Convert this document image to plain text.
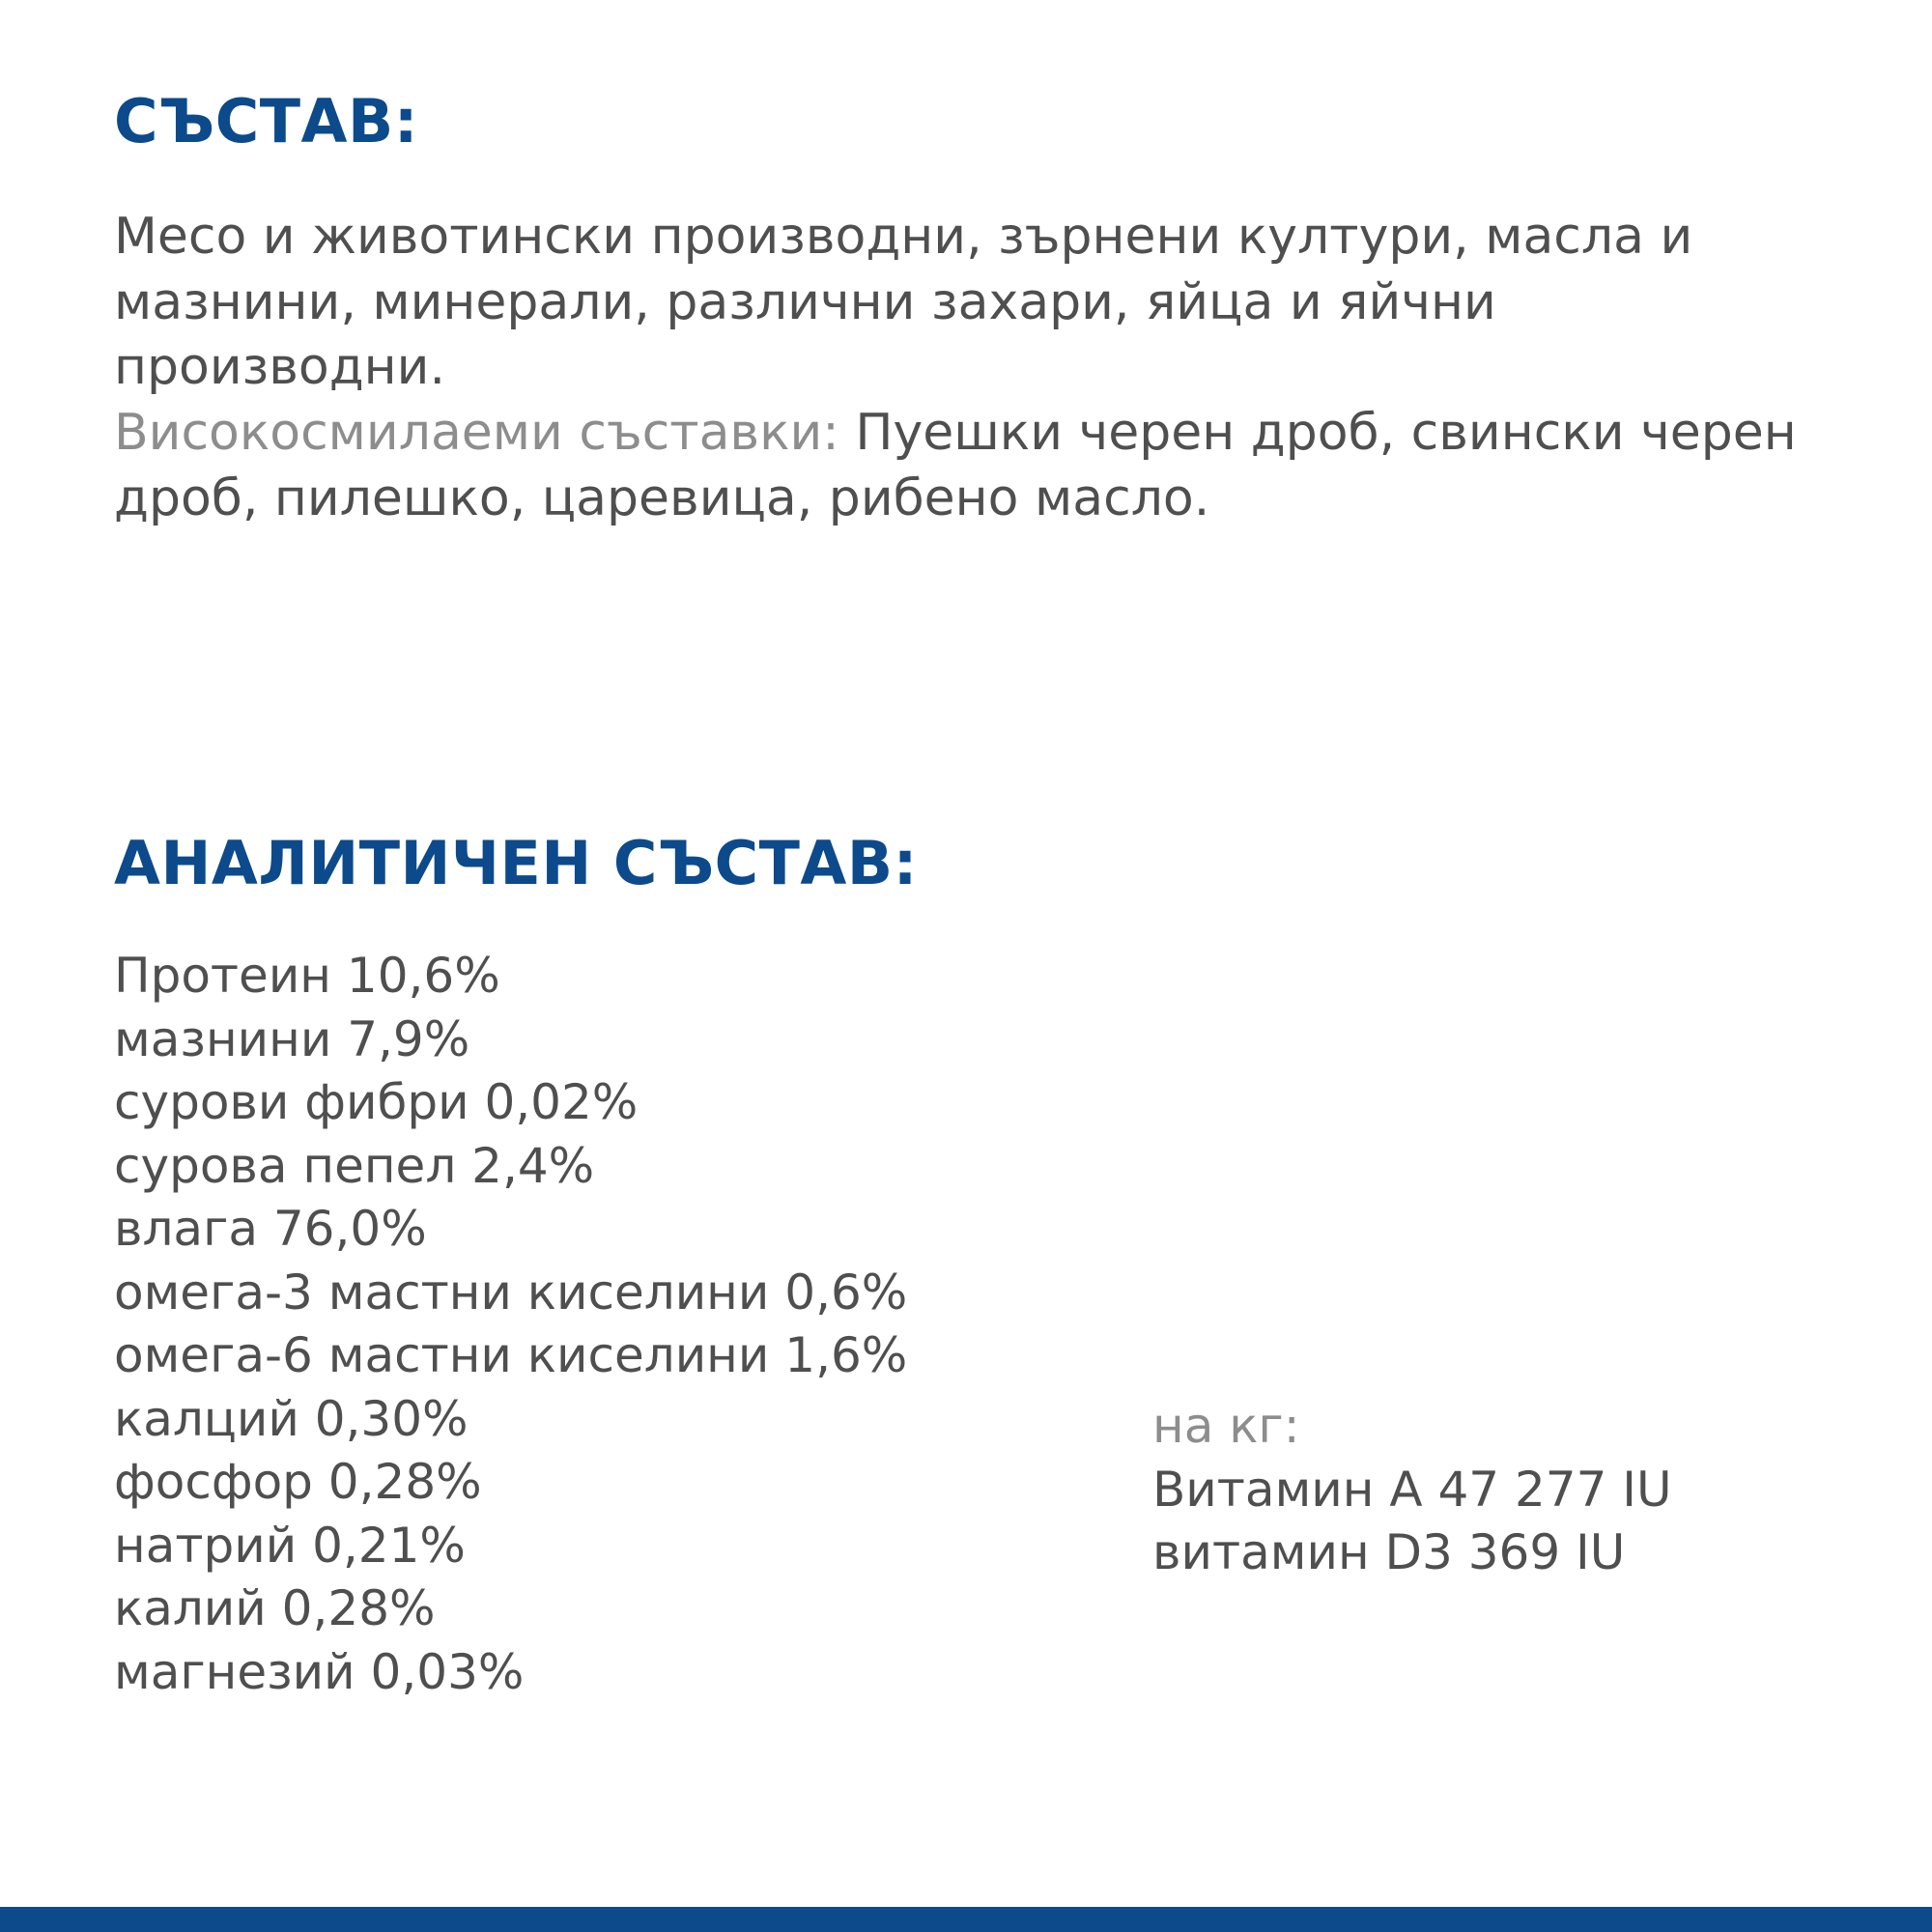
СЪСТАВ:

Месо и животински производни, зърнени култури, масла и мазнини, минерали, различни захари, яйца и яйчни производни.

Високосмилаеми съставки: Пуешки черен дроб, свински черен дроб, пилешко, царевица, рибено масло.

АНАЛИТИЧЕН СЪСТАВ:
Протеин 10,6%
мазнини 7,9%
сурови фибри 0,02%
сурова пепел 2,4%
влага 76,0%
омега-3 мастни киселини 0,6%
омега-6 мастни киселини 1,6%
калций 0,30%
фосфор 0,28%
натрий 0,21%
калий 0,28%
магнезий 0,03%
на кг:
Витамин A 47 277 IU
витамин D3 369 IU
